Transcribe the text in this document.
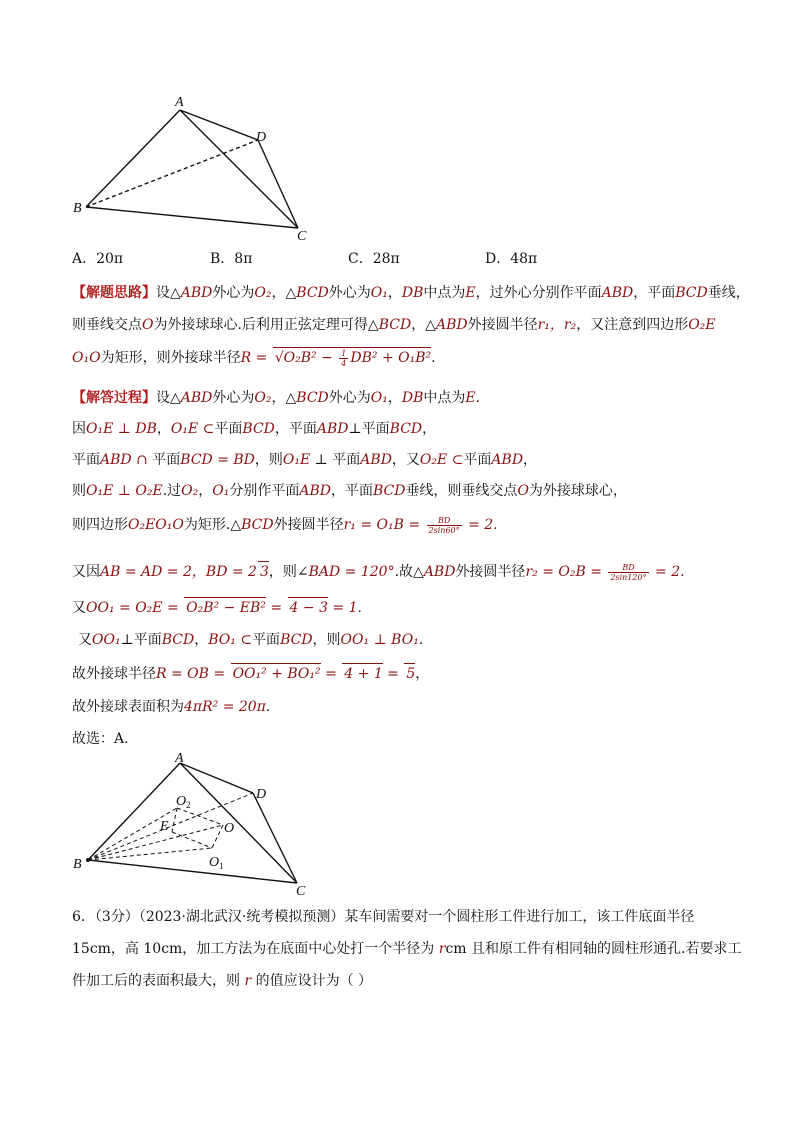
A
D
B
C
A．20π	B．8π	C．28π	D．48π
【解题思路】设△ABD外心为O₂，△BCD外心为O₁，DB中点为E，过外心分别作平面ABD，平面BCD垂线，
则垂线交点O为外接球球心.后利用正弦定理可得△BCD，△ABD外接圆半径r₁，r₂，又注意到四边形O₂E
O₁O为矩形，则外接球半径$R = √O_2B^2 - \frac{1}{4} DB^2 + O_1B^2$.
【解答过程】设△ABD外心为O₂，△BCD外心为O₁，DB中点为E.
因O₁E ⊥ DB，O₁E ⊂平面BCD，平面ABD⊥平面BCD，
平面ABD ∩ 平面BCD = BD，则O₁E ⊥ 平面ABD，又O₂E ⊂平面ABD，
则O₁E ⊥ O₂E.过O₂，O₁分别作平面ABD，平面BCD垂线，则垂线交点O为外接球球心，
则四边形O₂EO₁O为矩形.△BCD外接圆半径$r_1 = O_1B = \frac{BD}{2\sin 60^\circ} = 2$.
又因AB = AD = 2，BD = 2 3，则∠BAD = 120°.故△ABD外接圆半径$r_2 = O_2B = \frac{BD}{2\sin 120^\circ} = 2$.
又OO₁ = O₂E = O₂B² − EB² = 4 − 3 = 1.
又OO₁⊥平面BCD，BO₁ ⊂平面BCD，则OO₁ ⊥ BO₁.
故外接球半径R = OB = OO₁² + BO₁² = 4 + 1 = 5，
故外接球表面积为4πR² = 20π.
故选：A.
A
D
B
C
O
E
O 2
O 1
6．（3分）（2023·湖北武汉·统考模拟预测）某车间需要对一个圆柱形工件进行加工，该工件底面半径
15cm，高 10cm，加工方法为在底面中心处打一个半径为 rcm 且和原工件有相同轴的圆柱形通孔.若要求工
件加工后的表面积最大，则 r 的值应设计为（ ）
